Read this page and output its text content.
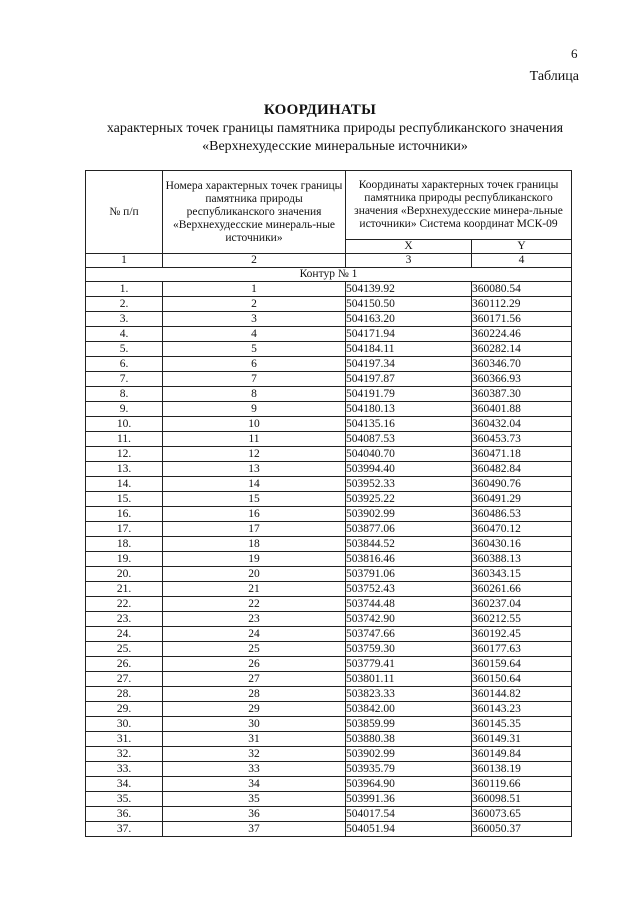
6
Таблица
КООРДИНАТЫ
характерных точек границы памятника природы республиканского значения «Верхнехудесские минеральные источники»
№ п/п	Номера характерных точек границы памятника природы республиканского значения «Верхнехудесские минераль-ные источники»	Координаты характерных точек границы памятника природы республиканского значения «Верхнехудесские минера-льные источники» Система координат МСК-09	
		X	Y
1	2	3	4
Контур № 1			
1.	1	504139.92	360080.54
2.	2	504150.50	360112.29
3.	3	504163.20	360171.56
4.	4	504171.94	360224.46
5.	5	504184.11	360282.14
6.	6	504197.34	360346.70
7.	7	504197.87	360366.93
8.	8	504191.79	360387.30
9.	9	504180.13	360401.88
10.	10	504135.16	360432.04
11.	11	504087.53	360453.73
12.	12	504040.70	360471.18
13.	13	503994.40	360482.84
14.	14	503952.33	360490.76
15.	15	503925.22	360491.29
16.	16	503902.99	360486.53
17.	17	503877.06	360470.12
18.	18	503844.52	360430.16
19.	19	503816.46	360388.13
20.	20	503791.06	360343.15
21.	21	503752.43	360261.66
22.	22	503744.48	360237.04
23.	23	503742.90	360212.55
24.	24	503747.66	360192.45
25.	25	503759.30	360177.63
26.	26	503779.41	360159.64
27.	27	503801.11	360150.64
28.	28	503823.33	360144.82
29.	29	503842.00	360143.23
30.	30	503859.99	360145.35
31.	31	503880.38	360149.31
32.	32	503902.99	360149.84
33.	33	503935.79	360138.19
34.	34	503964.90	360119.66
35.	35	503991.36	360098.51
36.	36	504017.54	360073.65
37.	37	504051.94	360050.37
